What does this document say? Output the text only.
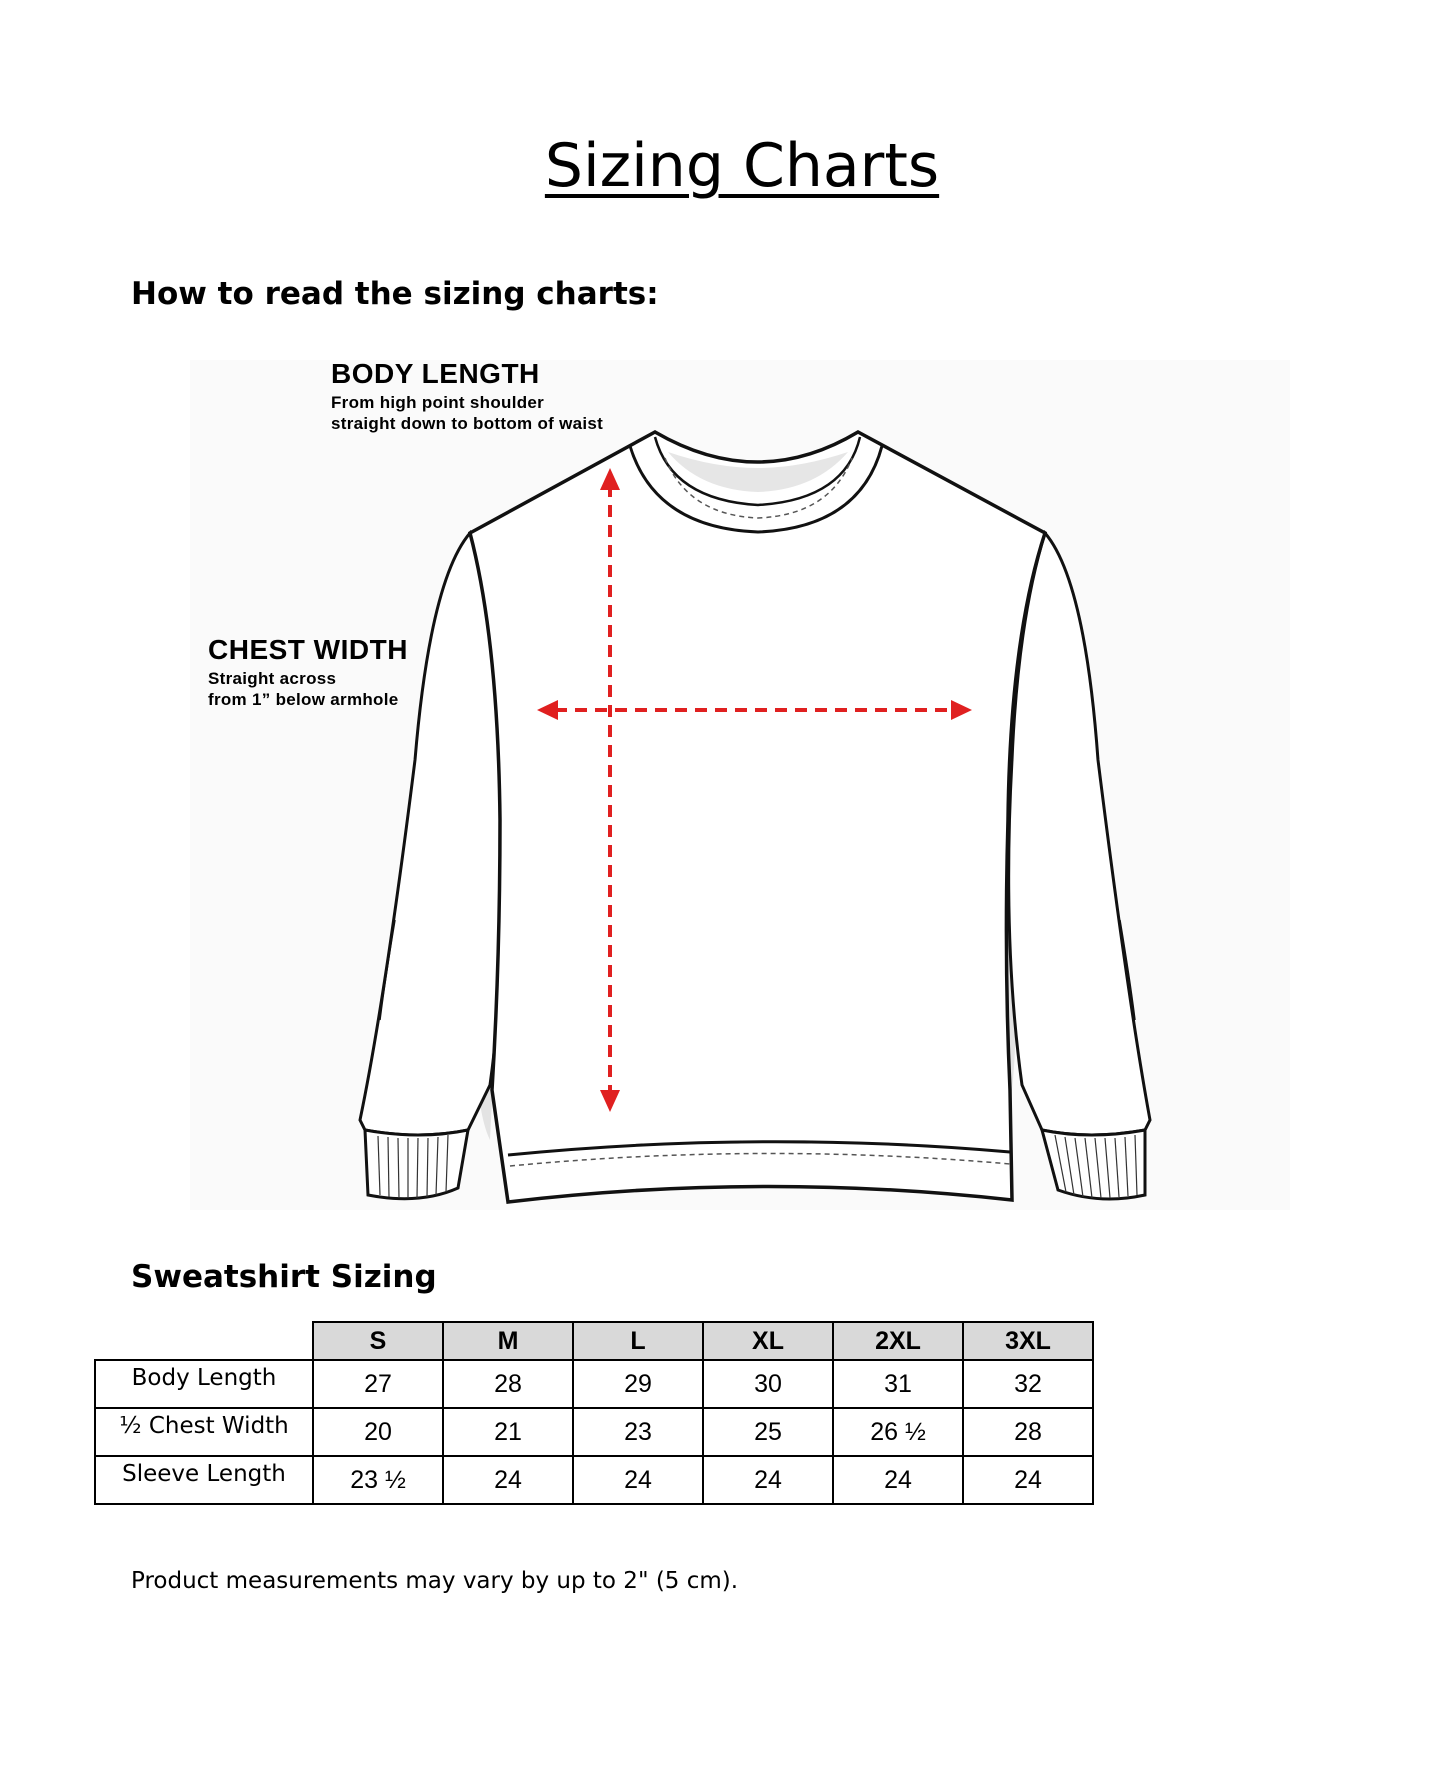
Sizing Charts
How to read the sizing charts:
BODY LENGTH
From high point shoulder
straight down to bottom of waist
CHEST WIDTH
Straight across
from 1” below armhole
Sweatshirt Sizing
	S	M	L	XL	2XL	3XL
Body Length	27	28	29	30	31	32
½ Chest Width	20	21	23	25	26 ½	28
Sleeve Length	23 ½	24	24	24	24	24
Product measurements may vary by up to 2" (5 cm).
